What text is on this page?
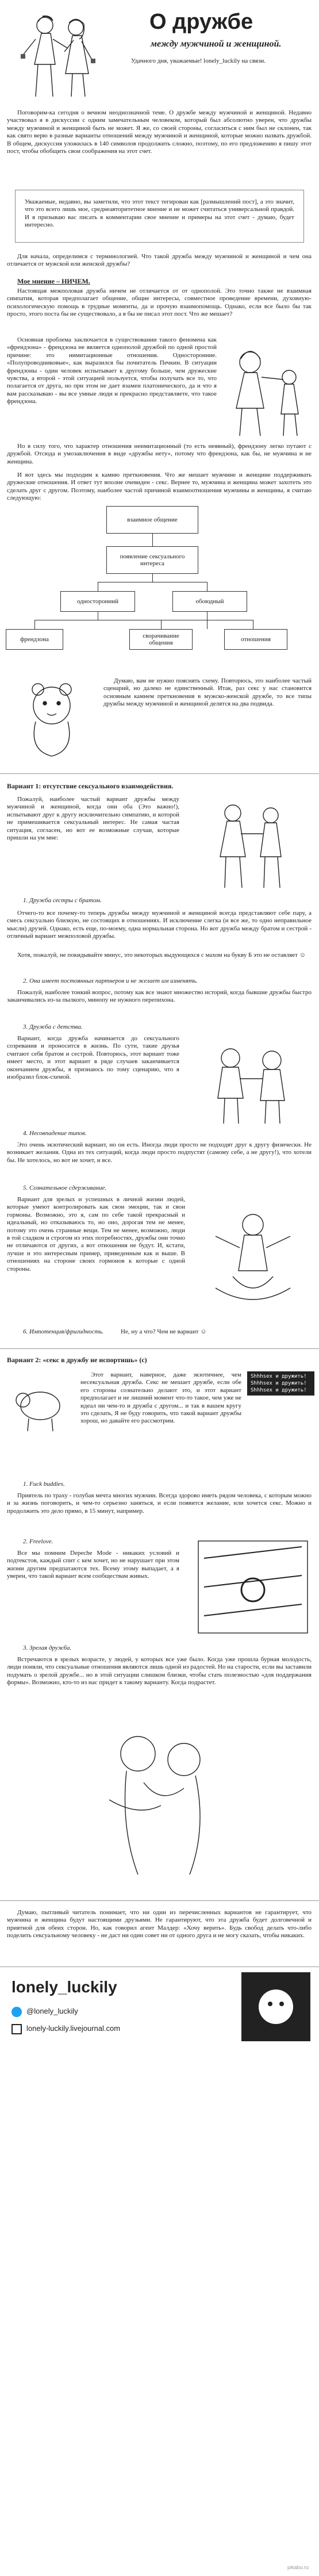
О дружбе
между мужчиной и женщиной.

Удачного дня, уважаемые! lonely_luckily на связи.

Поговорим-ка сегодня о вечном неоднозначной теме. О дружбе между мужчиной и женщиной. Недавно участвовал я в дискуссии с одним замечательным человеком, который был абсолютно уверен, что дружбы между мужчиной и женщиной быть не может. Я же, со своей стороны, согласиться с ним был не склонен, так как свято верю в разные варианты отношений между мужчиной и женщиной, которые можно назвать дружбой. В общем, дискуссия уложилась в 140 символов продолжить сложно, поэтому, по его предложению я пишу этот пост, чтобы обобщить свои соображения на этот счет.

Уважаемые, недавно, вы заметили, что этот текст тегирован как [размышлений пост], а это значит, что это всего лишь мое, среднеавторитетное мнение и не может считаться универсальной правдой. И я призываю вас писать в комментарии свое мнение и примеры на этот счет - думаю, будет интересно.

Для начала, определимся с терминологией. Что такой дружба между мужчиной и женщиной и чем она отличается от мужской или женской дружбы?

Мое мнение – НИЧЕМ.

Настоящая межполовая дружба ничем не отличается от от однополой. Это точно также не взаимная симпатия, которая предполагает общение, общие интересы, совместное проведение времени, духовную-психологическую помощь в трудные моменты, да и прочую взаимопомощь. Однако, если все было бы так просто, этого поста бы не существовало, а в бы не писал этот пост. Что же мешает?

Основная проблема заключается в существовании такого феномена как «френдзона» - френдзона не является однополой дружбой по одной простой причине: это нимитационные отношения. Односторонние. «Полупроводниковые», как выразился бы почитатель Печкин. В ситуации френдзоны - один человек испытывает к другому больше, чем дружеские чувства, а второй - этой ситуацией пользуется, чтобы получать все то, что полагается от друга, но при этом не дает взамен платонического, да и что я вам рассказываю - вы все умные люди и прекрасно представляете, что такое френдзона.

Но в силу того, что характер отношения неимитационный (то есть неявный), френдзону легко путают с дружбой. Отсюда и умозаключения в виде «дружбы нету», потому что френдзона, как бы, не мужчина и не женщина.

И вот здесь мы подходим к камню преткновения. Что же мешает мужчине и женщине поддерживать дружеские отношения. И ответ тут вполне очевиден - секс. Вернее то, мужчина и женщина может захотеть это сделать друг с другом. Поэтому, наиболее частой причиной взаимоотношения мужчины и женщины, я считаю следующую:

взаимное общение
появление сексуального интереса
односторонний	обоюдный
френдзона	сворачивание общения	отношения

Думаю, вам не нужно пояснять схему. Повторюсь, это наиболее частый сценарий, но далеко не единственный. Итак, раз секс у нас становится основным камнем преткновения в мужско-женской дружбе, то все типы дружбы между мужчиной и женщиной делятся на два подвида.

Вариант 1: отсутствие сексуального взаимодействия.

Пожалуй, наиболее частый вариант дружбы между мужчиной и женщиной, когда они оба (Это важно!), испытывают друг к другу исключительно симпатию, и которой не примешивается сексуальный интерес. Не самая частая ситуация, согласен, но вот ее возможные случаи, которые пришли на ум мне:

1. Дружба сестры с братом.

Отчего-то все почему-то теперь дружбы между мужчиной и женщиной всегда представляют себе пару, а смесь сексуально близкую, не состоящих в отношениях. И исключение слегка (и все же, то одно неправильное мысли) друзей. Однако, есть еще, по-моему, одна нормальная сторона. Но вот дружба между братом и сестрой - отличный вариант межполовой дружбы.

Хотя, пожалуй, не покидывайте минус, это некоторых выдующихся с махом на букву Б это не оставляет ☺

2. Она имеет постоянных партнеров и не желает им изменять.

Пожалуй, наиболее тонкий вопрос, потому как все знают множество историй, когда бывшие дружбы быстро заканчивались из-за пылкого, минопу не нужного перепихона.

3. Дружба с детства.

Вариант, когда дружба начинается до сексуального созревания и проносится в жизнь. По сути, такие друзья считают себя братом и сестрой. Повторюсь, этот вариант тоже имеет место, и этот вариант в ряде случаев заканчивается окончанием дружбы, я признаюсь по тому сценарию, что я изобразил блок-схемой.

4. Несовпадение типов.

Это очень экзотический вариант, но он есть. Иногда люди просто не подходят друг к другу физически. Не возникает желания. Одна из тех ситуаций, когда люди просто подпустят (самому себе, а не другу!), что хотели бы. Не хотелось, но вот не хочет, и все.

5. Сознательное сдерживание.

Вариант для зрелых и успешных в личной жизни людей, которые умеют контролировать как свои эмоции, так и свои гормоны. Возможно, это я, сам по себе такой прекрасный и идеальный, но отказываюсь то, но оно, дорогая тем не менее, потому это очень странные вещи. Тем не менее, возможно, люди в той сладком и строгом из этих потребностях, дружбы они точно не отличаются от других, а вот отношения не будут. И, кстати, лучше и это интересным пример, приведенным как и выше. В отношениях на стороне своих гормонов к которые с одной стороны.

6. Импотенция/фригидность.	Не, ну а что? Чем не вариант ☺
Вариант 2: «секс в дружбу не испортишь» (с)
Shhhsex и дружить!
Shhhsex и дружить!
Shhhsex и дружить!

Этот вариант, наверное, даже экзотичнее, чем несексуальная дружба. Секс не мешает дружбе, если обе его стороны сознательно делают это, и этот вариант предполагает и не лишний момент что-то такое, чем уже не идеал ни чем-то и дружба с другом... и так в вашем кругу это сделать, Я не буду говорить, что такой вариант дружбы хорош, но давайте его рассмотрим.

1. Fuck buddies.

Приятель по траху - голубая мечта многих мужчин. Всегда здорово иметь рядом человека, с которым можно и за жизнь поговорить, и чем-то серьезно заняться, и если появится желание, или хочется секс. Можно и продолжить это дело прямо, в 15 минут, например.

2. Freelove.

Все мы помним Depeche Mode - никаких условий и подтекстов, каждый спит с кем хочет, но не нарушает при этом жизни другим предпатаются тех. Всему этому выпадает, а я уверен, что такой вариант всем сообществам живых.

3. Зрелая дружба.

Встречаются в зрелых возрасте, у людей, у которых все уже было. Когда уже прошла бурная молодость, люди поняли, что сексуальные отношения являются лишь одной из радостей. Но на старости, если вы заставили подумать о зрелой дружбе... но в этой ситуации слишком близки, чтобы стать полезностью «для поддержания формы». Возможно, кто-то из нас придет к такому варианту. Когда подрастет.

Думаю, пытливый читатель понимает, что ни один из перечисленных вариантов не гарантирует, что мужчина и женщина будут настоящими друзьями. Не гарантируют, что эта дружба будет долговечной и приятной для обеих сторон. Но, как говорил агент Малдер: «Хочу верить». Будь свобод делать что-либо поделить сексуальному человеку - не даст ни один совет ни от одного друга и не могу сказать, чтобы никаких.

lonely_luckily
@lonely_luckily
lonely-luckily.livejournal.com
pikabu.ru
